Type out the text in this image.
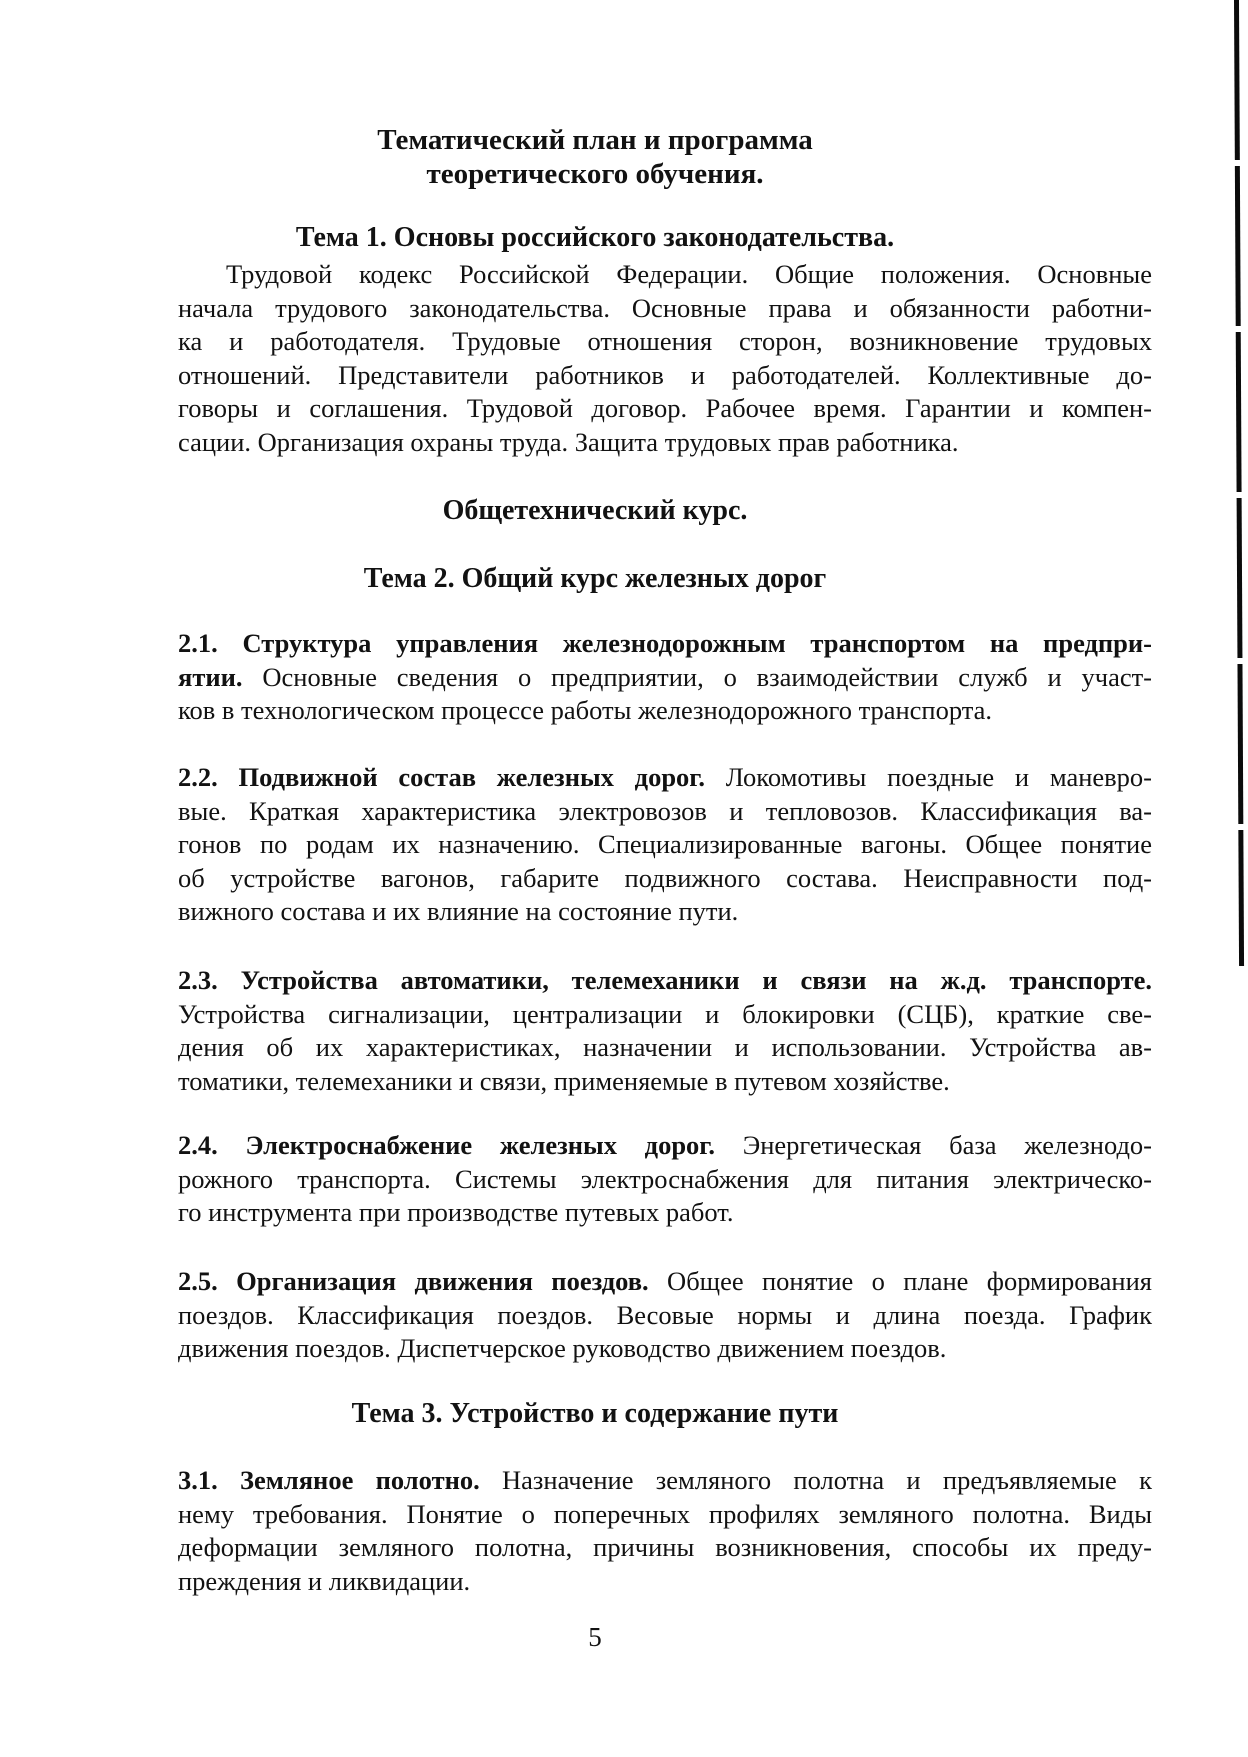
Тематический план и программа
теоретического обучения.
Тема 1. Основы российского законодательства.
Трудовой кодекс Российской Федерации. Общие положения. Основные
начала трудового законодательства. Основные права и обязанности работни-
ка и работодателя. Трудовые отношения сторон, возникновение трудовых
отношений. Представители работников и работодателей. Коллективные до-
говоры и соглашения. Трудовой договор. Рабочее время. Гарантии и компен-
сации. Организация охраны труда. Защита трудовых прав работника.
Общетехнический курс.
Тема 2. Общий курс железных дорог
2.1. Структура управления железнодорожным транспортом на предпри-
ятии. Основные сведения о предприятии, о взаимодействии служб и участ-
ков в технологическом процессе работы железнодорожного транспорта.
2.2. Подвижной состав железных дорог. Локомотивы поездные и маневро-
вые. Краткая характеристика электровозов и тепловозов. Классификация ва-
гонов по родам их назначению. Специализированные вагоны. Общее понятие
об устройстве вагонов, габарите подвижного состава. Неисправности под-
вижного состава и их влияние на состояние пути.
2.3. Устройства автоматики, телемеханики и связи на ж.д. транспорте.
Устройства сигнализации, централизации и блокировки (СЦБ), краткие све-
дения об их характеристиках, назначении и использовании. Устройства ав-
томатики, телемеханики и связи, применяемые в путевом хозяйстве.
2.4. Электроснабжение железных дорог. Энергетическая база железнодо-
рожного транспорта. Системы электроснабжения для питания электрическо-
го инструмента при производстве путевых работ.
2.5. Организация движения поездов. Общее понятие о плане формирования
поездов. Классификация поездов. Весовые нормы и длина поезда. График
движения поездов. Диспетчерское руководство движением поездов.
Тема 3. Устройство и содержание пути
3.1. Земляное полотно. Назначение земляного полотна и предъявляемые к
нему требования. Понятие о поперечных профилях земляного полотна. Виды
деформации земляного полотна, причины возникновения, способы их преду-
преждения и ликвидации.
5
